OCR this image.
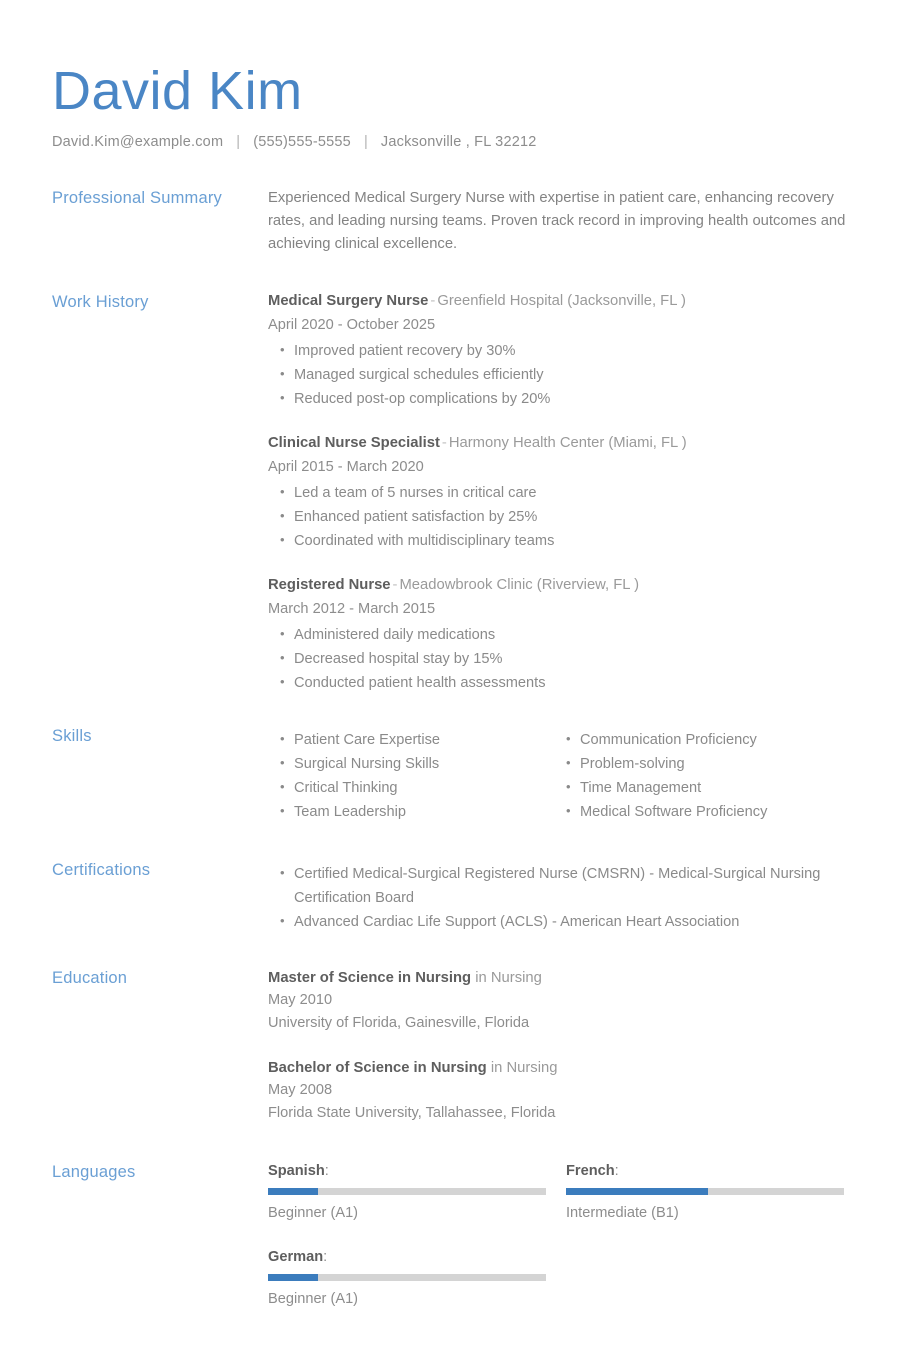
David Kim
David.Kim@example.com | (555)555-5555 | Jacksonville , FL 32212
Professional Summary	Experienced Medical Surgery Nurse with expertise in patient care, enhancing recovery rates, and leading nursing teams. Proven track record in improving health outcomes and achieving clinical excellence.
Work History	Medical Surgery Nurse - Greenfield Hospital (Jacksonville, FL )
April 2020 - October 2025
• Improved patient recovery by 30%
• Managed surgical schedules efficiently
• Reduced post-op complications by 20%
Clinical Nurse Specialist - Harmony Health Center (Miami, FL )
April 2015 - March 2020
• Led a team of 5 nurses in critical care
• Enhanced patient satisfaction by 25%
• Coordinated with multidisciplinary teams
Registered Nurse - Meadowbrook Clinic (Riverview, FL )
March 2012 - March 2015
• Administered daily medications
• Decreased hospital stay by 15%
• Conducted patient health assessments
Skills	• Patient Care Expertise
• Surgical Nursing Skills
• Critical Thinking
• Team Leadership
• Communication Proficiency
• Problem-solving
• Time Management
• Medical Software Proficiency
Certifications	• Certified Medical-Surgical Registered Nurse (CMSRN) - Medical-Surgical Nursing Certification Board
• Advanced Cardiac Life Support (ACLS) - American Heart Association
Education	Master of Science in Nursing in Nursing
May 2010
University of Florida, Gainesville, Florida
Bachelor of Science in Nursing in Nursing
May 2008
Florida State University, Tallahassee, Florida
Languages	Spanish:
Beginner (A1)
French:
Intermediate (B1)
German:
Beginner (A1)
